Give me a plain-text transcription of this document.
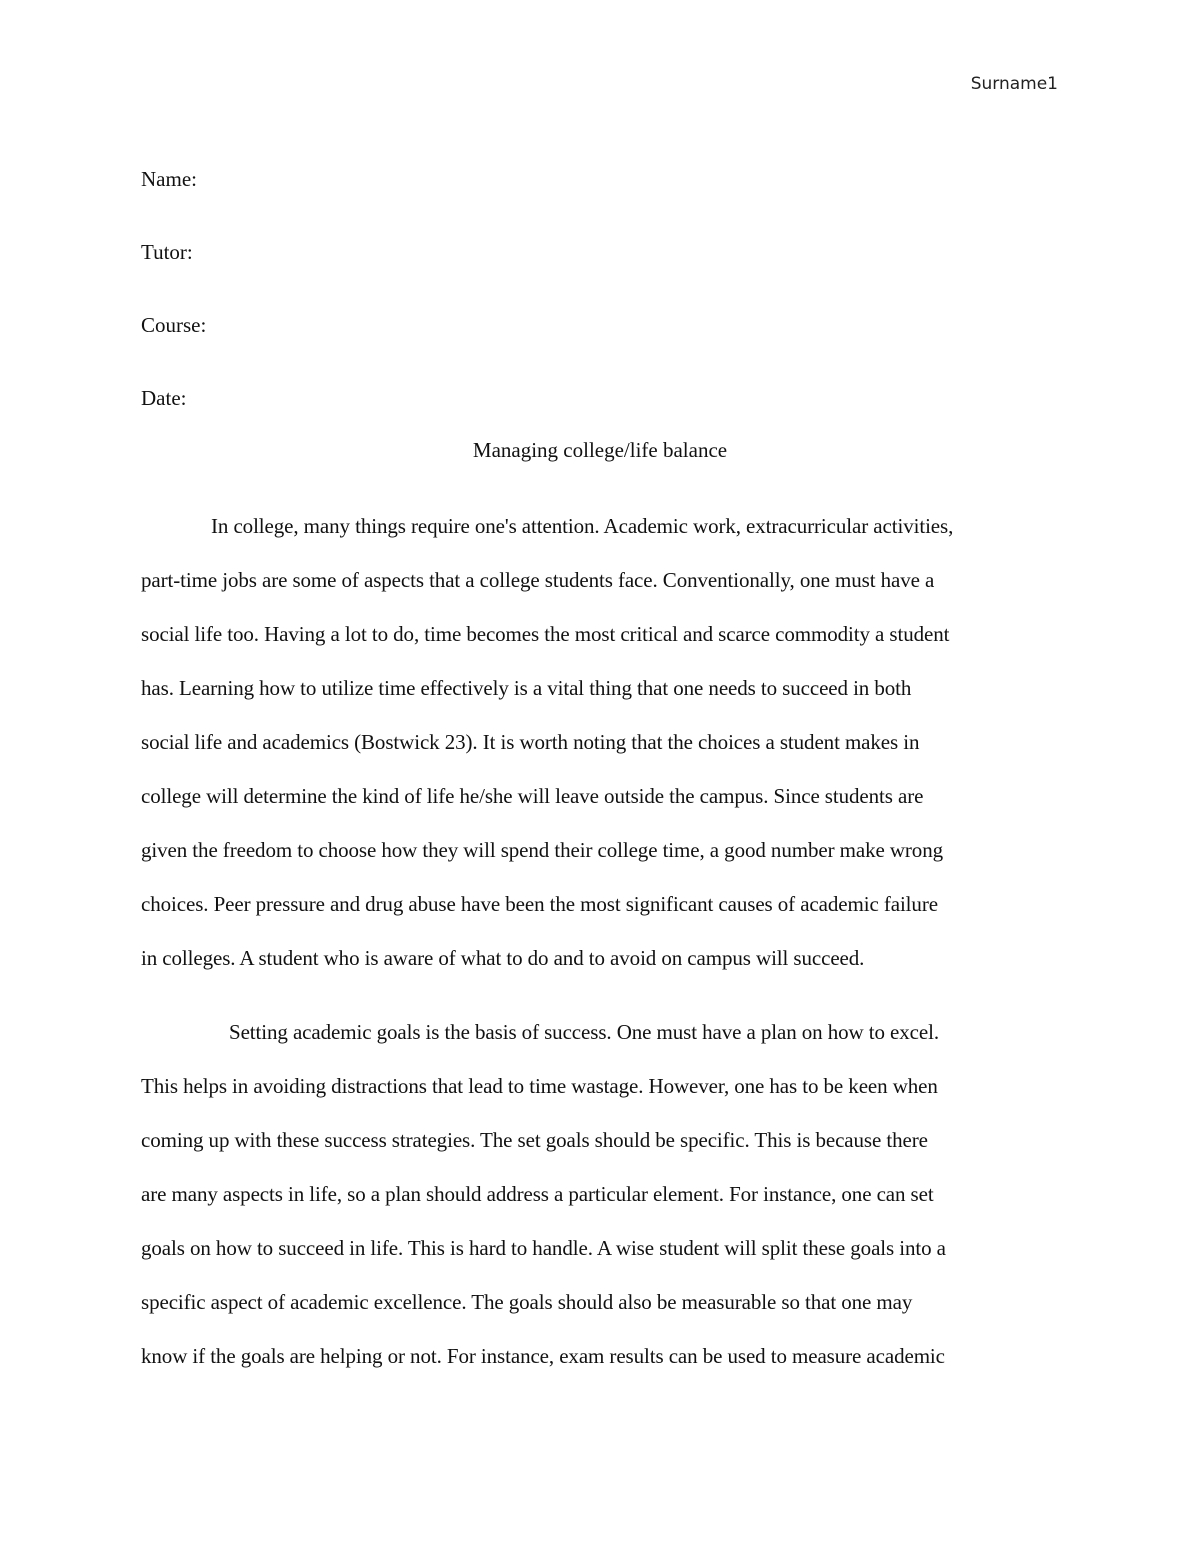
Surname1
Name:
Tutor:
Course:
Date:
Managing college/life balance
In college, many things require one's attention. Academic work, extracurricular activities,
part-time jobs are some of aspects that a college students face. Conventionally, one must have a
social life too. Having a lot to do, time becomes the most critical and scarce commodity a student
has. Learning how to utilize time effectively is a vital thing that one needs to succeed in both
social life and academics (Bostwick 23). It is worth noting that the choices a student makes in
college will determine the kind of life he/she will leave outside the campus. Since students are
given the freedom to choose how they will spend their college time, a good number make wrong
choices. Peer pressure and drug abuse have been the most significant causes of academic failure
in colleges. A student who is aware of what to do and to avoid on campus will succeed.
Setting academic goals is the basis of success. One must have a plan on how to excel.
This helps in avoiding distractions that lead to time wastage. However, one has to be keen when
coming up with these success strategies. The set goals should be specific. This is because there
are many aspects in life, so a plan should address a particular element. For instance, one can set
goals on how to succeed in life. This is hard to handle. A wise student will split these goals into a
specific aspect of academic excellence. The goals should also be measurable so that one may
know if the goals are helping or not. For instance, exam results can be used to measure academic
